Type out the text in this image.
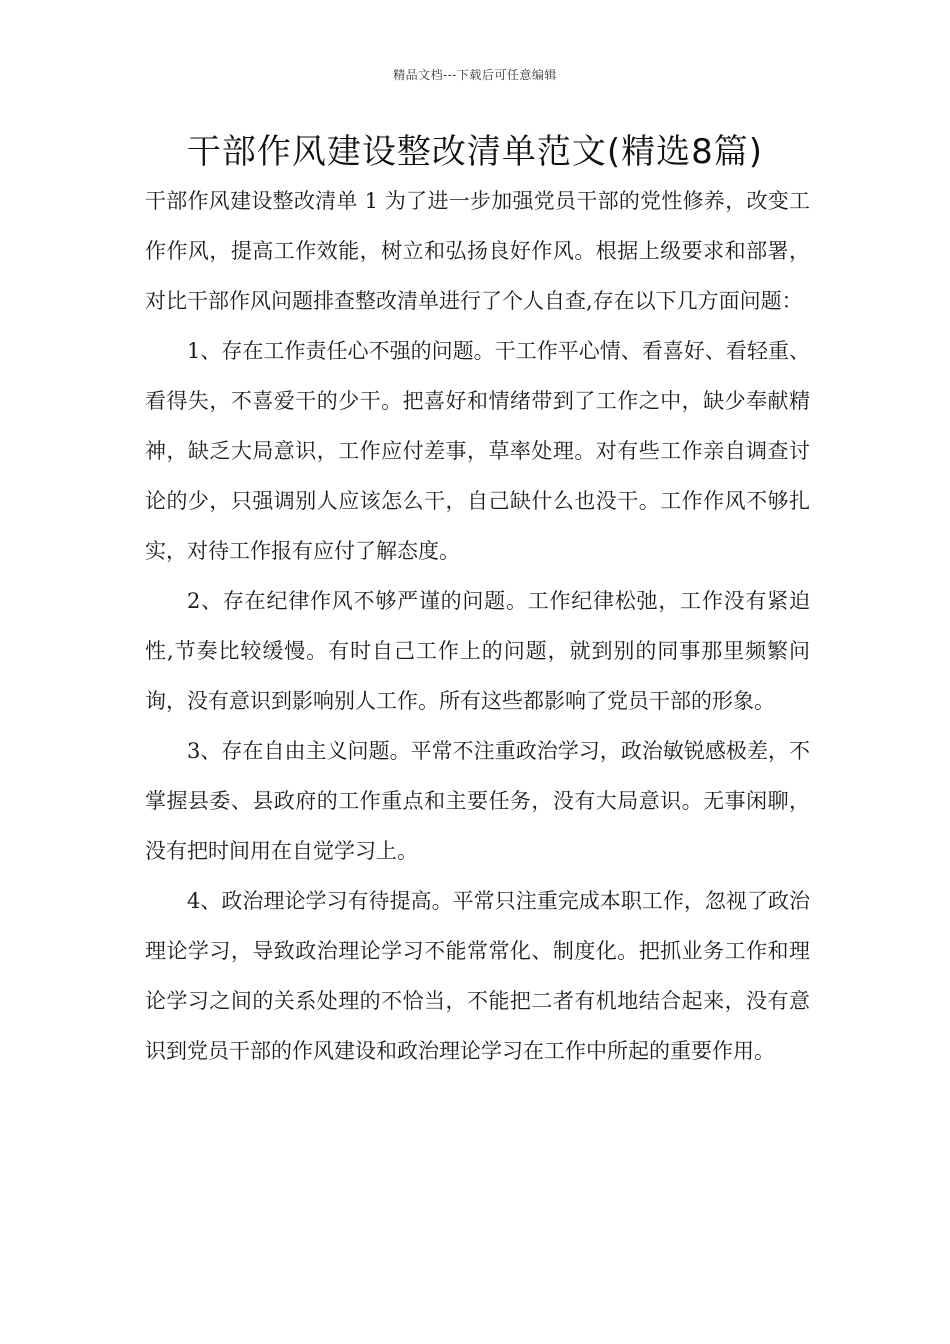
精品文档---下载后可任意编辑
干部作风建设整改清单范文(精选8篇)

干部作风建设整改清单 1 为了进一步加强党员干部的党性修养，改变工作作风，提高工作效能，树立和弘扬良好作风。根据上级要求和部署，对比干部作风问题排查整改清单进行了个人自查,存在以下几方面问题：

1、存在工作责任心不强的问题。干工作平心情、看喜好、看轻重、看得失，不喜爱干的少干。把喜好和情绪带到了工作之中，缺少奉献精神，缺乏大局意识，工作应付差事，草率处理。对有些工作亲自调查讨论的少，只强调别人应该怎么干，自己缺什么也没干。工作作风不够扎实，对待工作报有应付了解态度。

2、存在纪律作风不够严谨的问题。工作纪律松弛，工作没有紧迫性,节奏比较缓慢。有时自己工作上的问题，就到别的同事那里频繁问询，没有意识到影响别人工作。所有这些都影响了党员干部的形象。

3、存在自由主义问题。平常不注重政治学习，政治敏锐感极差，不掌握县委、县政府的工作重点和主要任务，没有大局意识。无事闲聊，没有把时间用在自觉学习上。

4、政治理论学习有待提高。平常只注重完成本职工作，忽视了政治理论学习，导致政治理论学习不能常常化、制度化。把抓业务工作和理论学习之间的关系处理的不恰当，不能把二者有机地结合起来，没有意识到党员干部的作风建设和政治理论学习在工作中所起的重要作用。
